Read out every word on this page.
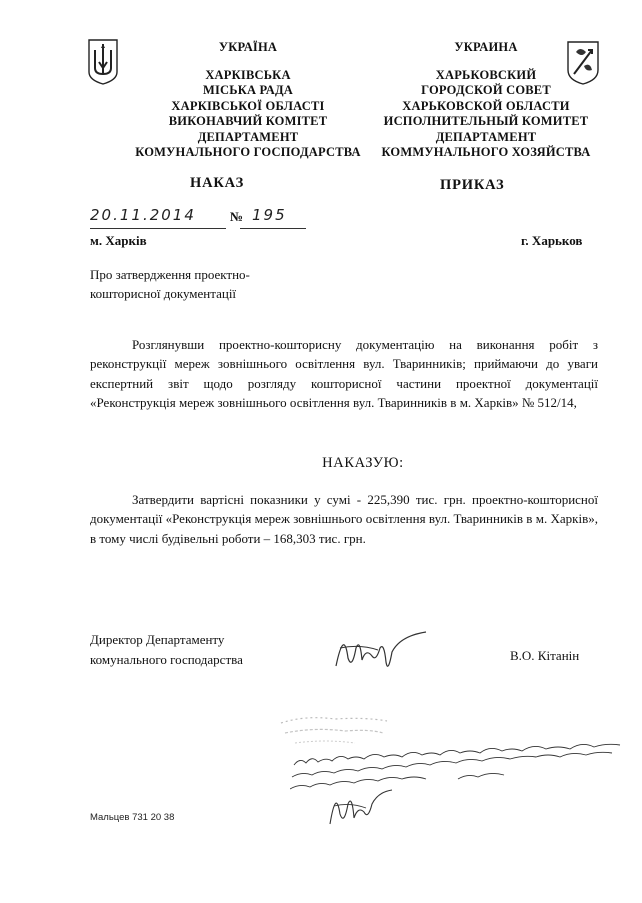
УКРАЇНА
ХАРКІВСЬКА
МІСЬКА РАДА
ХАРКІВСЬКОЇ ОБЛАСТІ
ВИКОНАВЧИЙ КОМІТЕТ
ДЕПАРТАМЕНТ
КОМУНАЛЬНОГО ГОСПОДАРСТВА
УКРАИНА
ХАРЬКОВСКИЙ
ГОРОДСКОЙ СОВЕТ
ХАРЬКОВСКОЙ ОБЛАСТИ
ИСПОЛНИТЕЛЬНЫЙ КОМИТЕТ
ДЕПАРТАМЕНТ
КОММУНАЛЬНОГО ХОЗЯЙСТВА
НАКАЗ	ПРИКАЗ
20.11.2014	№ 195
м. Харків	г. Харьков
Про затвердження проектно-
кошторисної документації
Розглянувши проектно-кошторисну документацію на виконання робіт з реконструкції мереж зовнішнього освітлення вул. Тваринників; приймаючи до уваги експертний звіт щодо розгляду кошторисної частини проектної документації «Реконструкція мереж зовнішнього освітлення вул. Тваринників в м. Харків» № 512/14,
НАКАЗУЮ:
Затвердити вартісні показники у сумі - 225,390 тис. грн. проектно-кошторисної документації «Реконструкція мереж зовнішнього освітлення вул. Тваринників в м. Харків», в тому числі будівельні роботи – 168,303 тис. грн.
Директор Департаменту
комунального господарства	В.О. Кітанін
Мальцев 731 20 38
